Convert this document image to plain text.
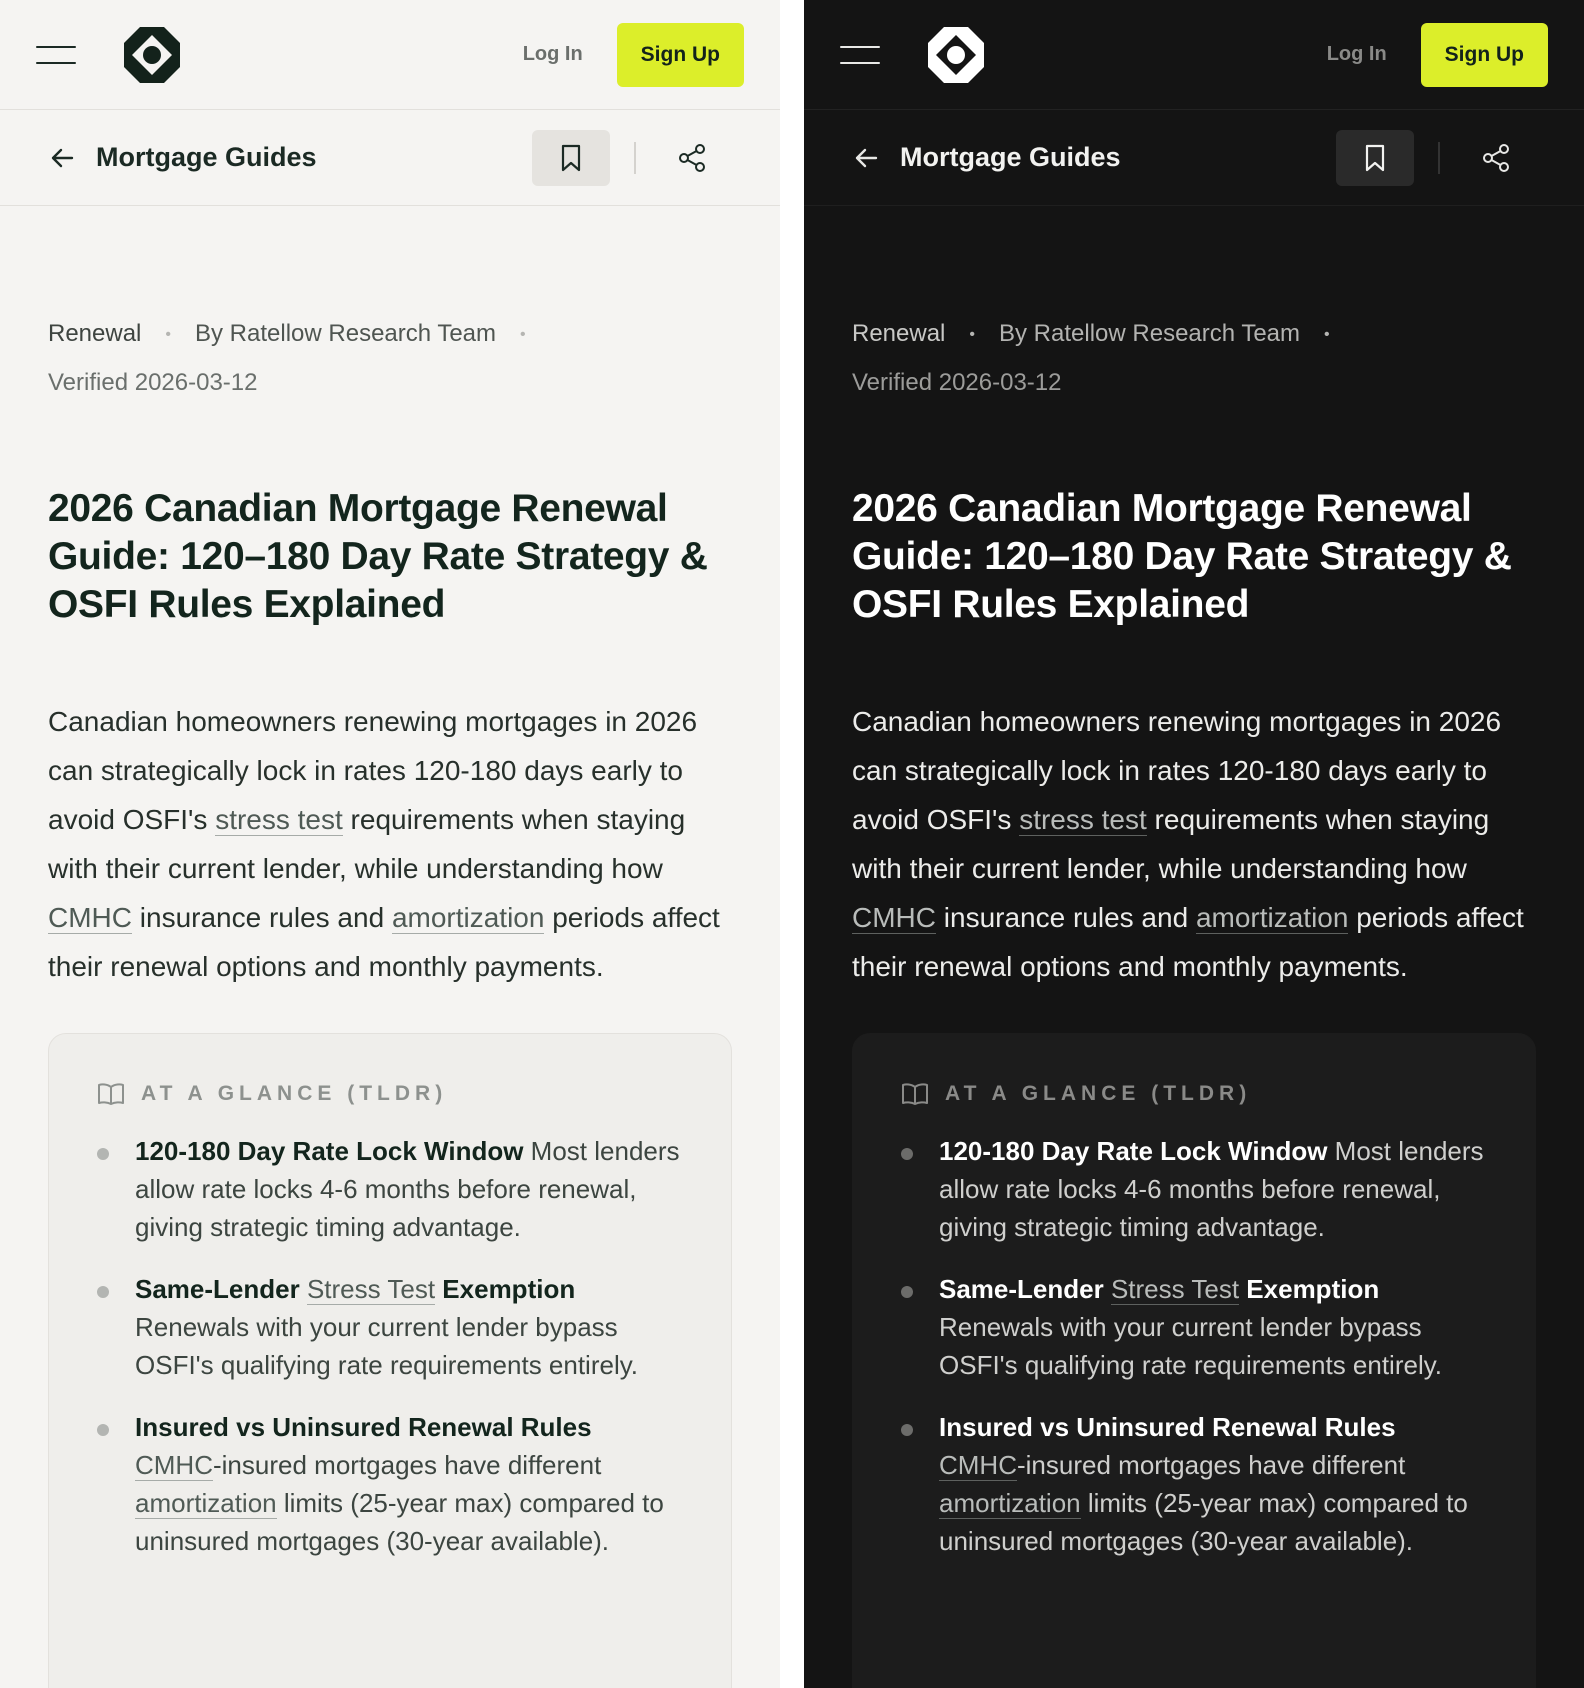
Log In	Sign Up
Mortgage Guides
Renewal • By Ratellow Research Team •
Verified 2026-03-12
2026 Canadian Mortgage Renewal Guide: 120–180 Day Rate Strategy & OSFI Rules Explained
Canadian homeowners renewing mortgages in 2026 can strategically lock in rates 120-180 days early to avoid OSFI's stress test requirements when staying with their current lender, while understanding how CMHC insurance rules and amortization periods affect their renewal options and monthly payments.
AT A GLANCE (TLDR)
120-180 Day Rate Lock Window Most lenders allow rate locks 4-6 months before renewal, giving strategic timing advantage.
Same-Lender Stress Test Exemption
Renewals with your current lender bypass OSFI's qualifying rate requirements entirely.
Insured vs Uninsured Renewal Rules
CMHC-insured mortgages have different amortization limits (25-year max) compared to uninsured mortgages (30-year available).
Log In	Sign Up
Mortgage Guides
Renewal • By Ratellow Research Team •
Verified 2026-03-12
2026 Canadian Mortgage Renewal Guide: 120–180 Day Rate Strategy & OSFI Rules Explained
Canadian homeowners renewing mortgages in 2026 can strategically lock in rates 120-180 days early to avoid OSFI's stress test requirements when staying with their current lender, while understanding how CMHC insurance rules and amortization periods affect their renewal options and monthly payments.
AT A GLANCE (TLDR)
120-180 Day Rate Lock Window Most lenders allow rate locks 4-6 months before renewal, giving strategic timing advantage.
Same-Lender Stress Test Exemption
Renewals with your current lender bypass OSFI's qualifying rate requirements entirely.
Insured vs Uninsured Renewal Rules
CMHC-insured mortgages have different amortization limits (25-year max) compared to uninsured mortgages (30-year available).
